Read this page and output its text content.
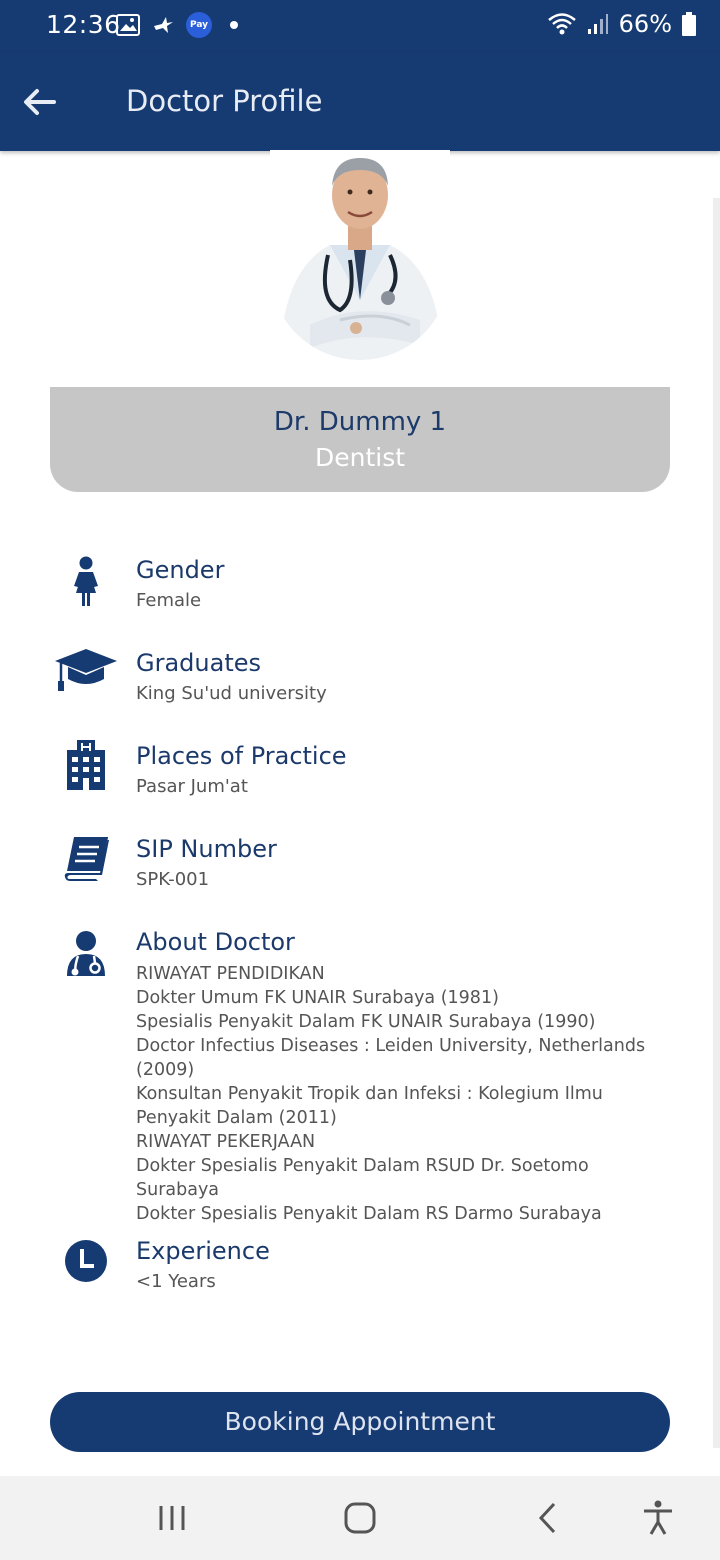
12:36	Pay	66%
Doctor Profile
Dr. Dummy 1
Dentist
Gender
Female
Graduates
King Su'ud university
Places of Practice
Pasar Jum'at
SIP Number
SPK-001
About Doctor
RIWAYAT PENDIDIKAN
Dokter Umum FK UNAIR Surabaya (1981)
Spesialis Penyakit Dalam FK UNAIR Surabaya (1990)
Doctor Infectius Diseases : Leiden University, Netherlands (2009)
Konsultan Penyakit Tropik dan Infeksi : Kolegium Ilmu Penyakit Dalam (2011)
RIWAYAT PEKERJAAN
Dokter Spesialis Penyakit Dalam RSUD Dr. Soetomo Surabaya
Dokter Spesialis Penyakit Dalam RS Darmo Surabaya
Experience
<1 Years
Booking Appointment
